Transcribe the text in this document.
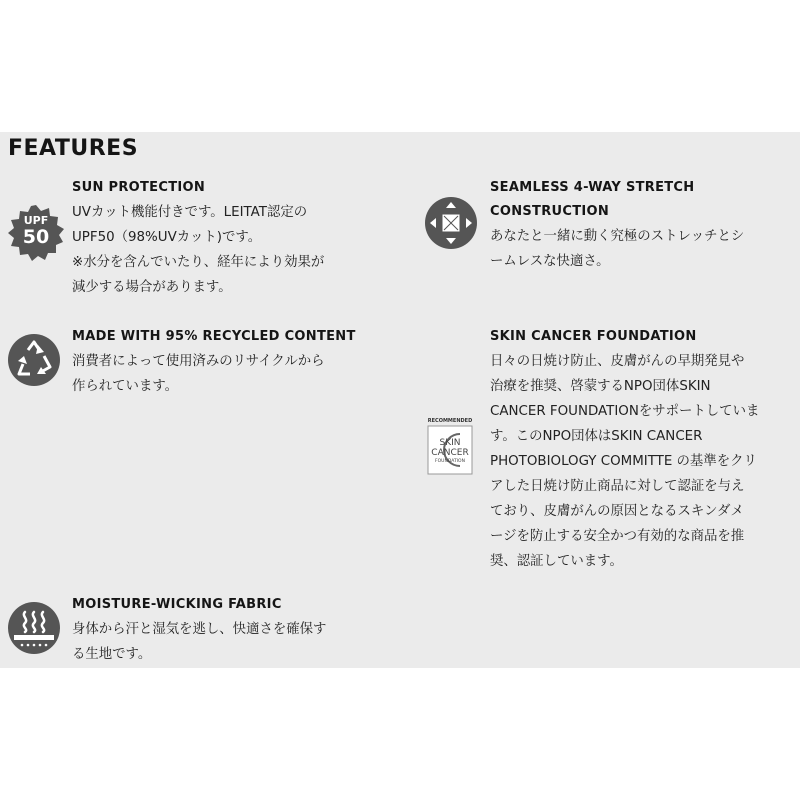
FEATURES
UPF
50
SUN PROTECTION
UVカット機能付きです。LEITAT認定の
UPF50（98%UVカット)です。
※水分を含んでいたり、経年により効果が
減少する場合があります。
SEAMLESS 4-WAY STRETCH
CONSTRUCTION
あなたと一緒に動く究極のストレッチとシ
ームレスな快適さ。
MADE WITH 95% RECYCLED CONTENT
消費者によって使用済みのリサイクルから
作られています。
RECOMMENDED
SKIN
CANCER
FOUNDATION
SKIN CANCER FOUNDATION
日々の日焼け防止、皮膚がんの早期発見や
治療を推奨、啓蒙するNPO団体SKIN
CANCER FOUNDATIONをサポートしていま
す。このNPO団体はSKIN CANCER
PHOTOBIOLOGY COMMITTE の基準をクリ
アした日焼け防止商品に対して認証を与え
ており、皮膚がんの原因となるスキンダメ
ージを防止する安全かつ有効的な商品を推
奨、認証しています。
MOISTURE-WICKING FABRIC
身体から汗と湿気を逃し、快適さを確保す
る生地です。
